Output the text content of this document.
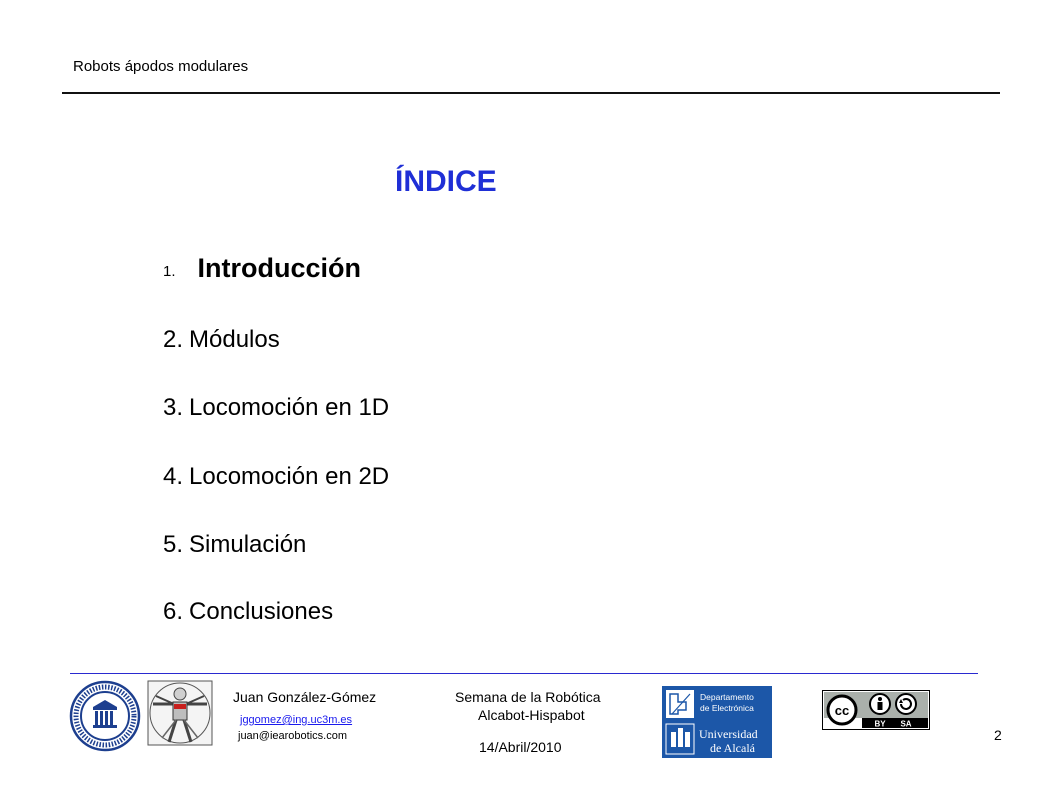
Robots ápodos modulares
ÍNDICE
1. Introducción
2. Módulos
3. Locomoción en 1D
4. Locomoción en 2D
5. Simulación
6. Conclusiones
Juan González-Gómez
jggomez@ing.uc3m.es
juan@iearobotics.com
Semana de la Robótica
Alcabot-Hispabot
14/Abril/2010
Departamento
de Electrónica
Universidad
de Alcalá
cc
BY SA
2
